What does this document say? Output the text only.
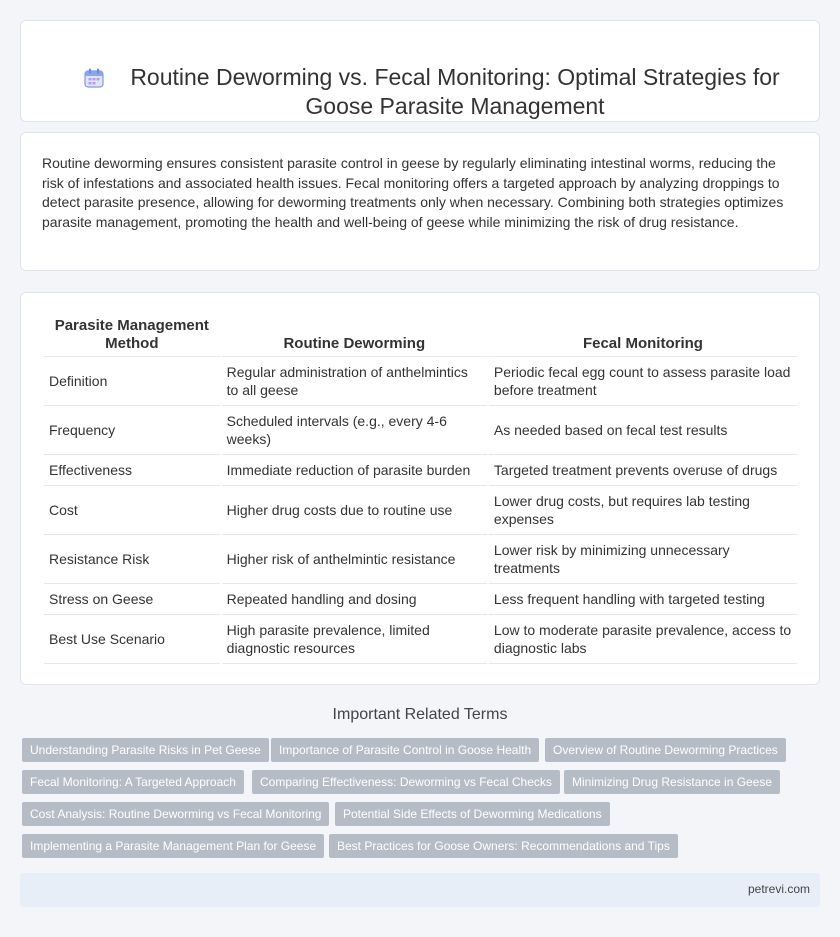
Routine Deworming vs. Fecal Monitoring: Optimal Strategies for Goose Parasite Management

Routine deworming ensures consistent parasite control in geese by regularly eliminating intestinal worms, reducing the risk of infestations and associated health issues. Fecal monitoring offers a targeted approach by analyzing droppings to detect parasite presence, allowing for deworming treatments only when necessary. Combining both strategies optimizes parasite management, promoting the health and well-being of geese while minimizing the risk of drug resistance.

Parasite Management Method	Routine Deworming	Fecal Monitoring
Definition	Regular administration of anthelmintics to all geese	Periodic fecal egg count to assess parasite load before treatment
Frequency	Scheduled intervals (e.g., every 4-6 weeks)	As needed based on fecal test results
Effectiveness	Immediate reduction of parasite burden	Targeted treatment prevents overuse of drugs
Cost	Higher drug costs due to routine use	Lower drug costs, but requires lab testing expenses
Resistance Risk	Higher risk of anthelmintic resistance	Lower risk by minimizing unnecessary treatments
Stress on Geese	Repeated handling and dosing	Less frequent handling with targeted testing
Best Use Scenario	High parasite prevalence, limited diagnostic resources	Low to moderate parasite prevalence, access to diagnostic labs
Important Related Terms
Understanding Parasite Risks in Pet Geese	Importance of Parasite Control in Goose Health	Overview of Routine Deworming Practices
Fecal Monitoring: A Targeted Approach	Comparing Effectiveness: Deworming vs Fecal Checks	Minimizing Drug Resistance in Geese
Cost Analysis: Routine Deworming vs Fecal Monitoring	Potential Side Effects of Deworming Medications
Implementing a Parasite Management Plan for Geese	Best Practices for Goose Owners: Recommendations and Tips
petrevi.com
